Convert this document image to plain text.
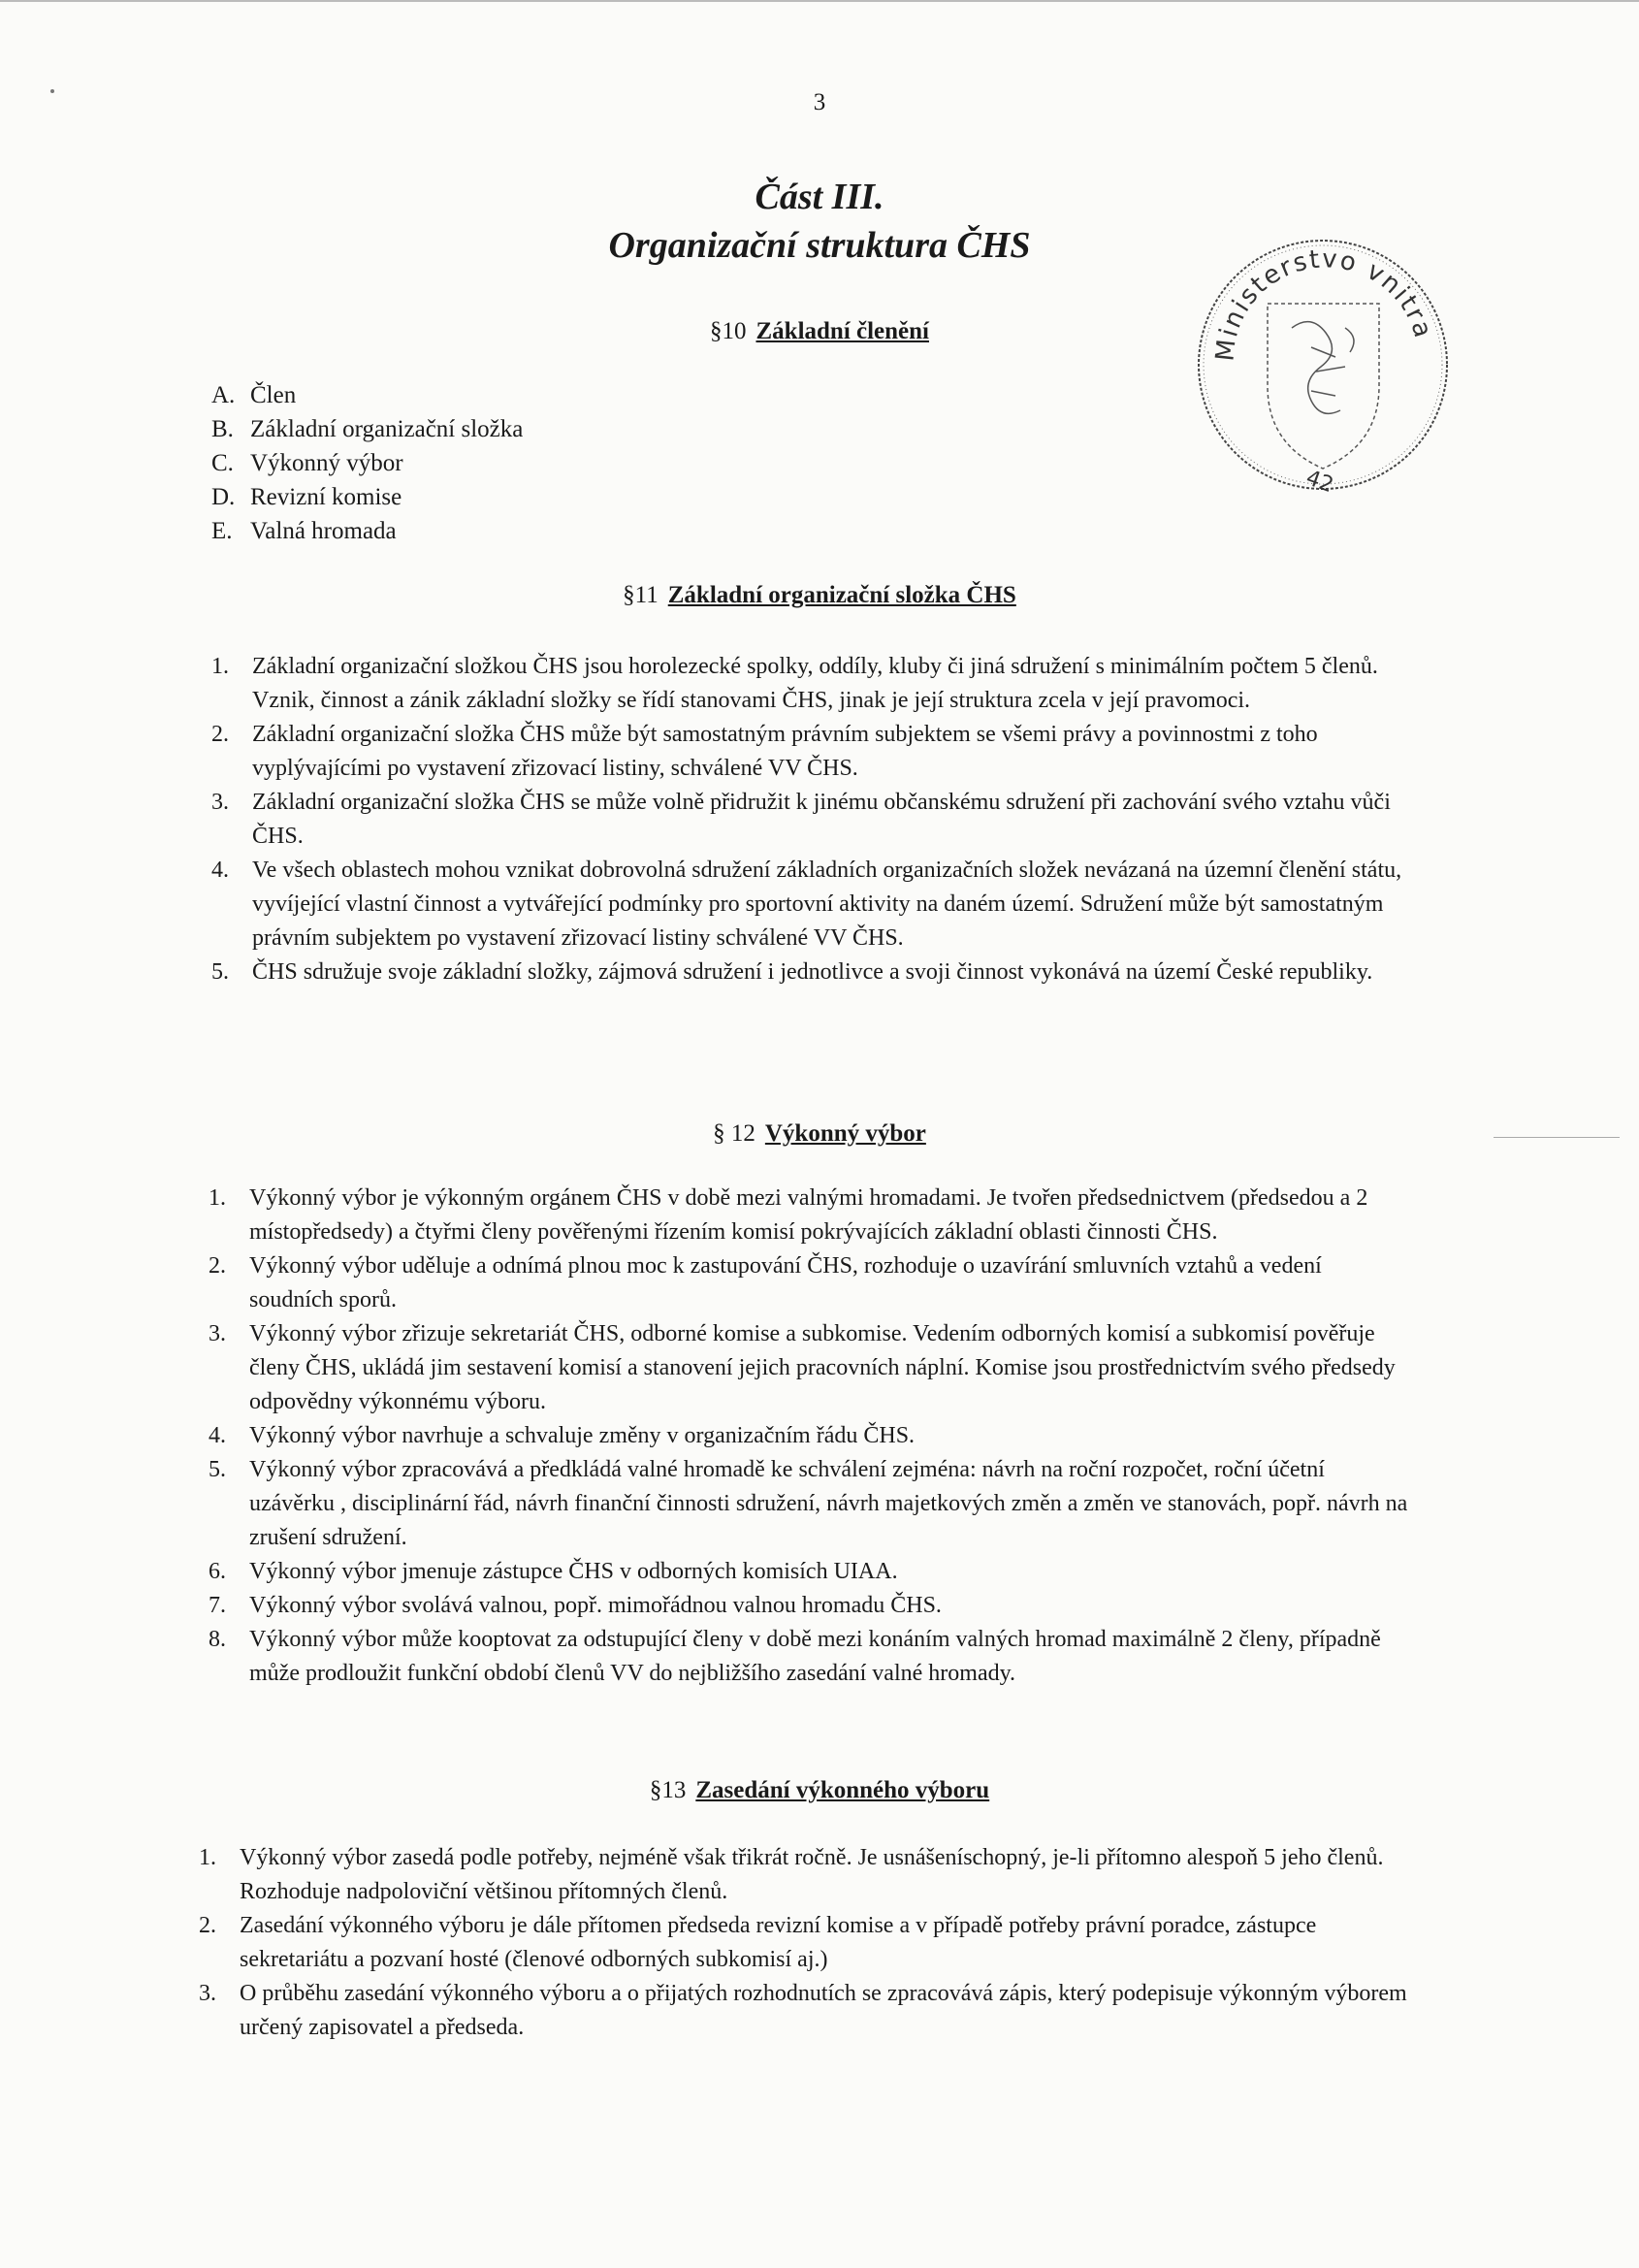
3
Část III.
Organizační struktura ČHS
Ministerstvo vnitra
42
§10 Základní členění
A. Člen
B. Základní organizační složka
C. Výkonný výbor
D. Revizní komise
E. Valná hromada
§11 Základní organizační složka ČHS
1. Základní organizační složkou ČHS jsou horolezecké spolky, oddíly, kluby či jiná sdružení s minimálním počtem 5 členů. Vznik, činnost a zánik základní složky se řídí stanovami ČHS, jinak je její struktura zcela v její pravomoci.
2. Základní organizační složka ČHS může být samostatným právním subjektem se všemi právy a povinnostmi z toho vyplývajícími po vystavení zřizovací listiny, schválené VV ČHS.
3. Základní organizační složka ČHS se může volně přidružit k jinému občanskému sdružení při zachování svého vztahu vůči ČHS.
4. Ve všech oblastech mohou vznikat dobrovolná sdružení základních organizačních složek nevázaná na územní členění státu, vyvíjející vlastní činnost a vytvářející podmínky pro sportovní aktivity na daném území. Sdružení může být samostatným právním subjektem po vystavení zřizovací listiny schválené VV ČHS.
5. ČHS sdružuje svoje základní složky, zájmová sdružení i jednotlivce a svoji činnost vykonává na území České republiky.
§ 12 Výkonný výbor
1. Výkonný výbor je výkonným orgánem ČHS v době mezi valnými hromadami. Je tvořen předsednictvem (předsedou a 2 místopředsedy) a čtyřmi členy pověřenými řízením komisí pokrývajících základní oblasti činnosti ČHS.
2. Výkonný výbor uděluje a odnímá plnou moc k zastupování ČHS, rozhoduje o uzavírání smluvních vztahů a vedení soudních sporů.
3. Výkonný výbor zřizuje sekretariát ČHS, odborné komise a subkomise. Vedením odborných komisí a subkomisí pověřuje členy ČHS, ukládá jim sestavení komisí a stanovení jejich pracovních náplní. Komise jsou prostřednictvím svého předsedy odpovědny výkonnému výboru.
4. Výkonný výbor navrhuje a schvaluje změny v organizačním řádu ČHS.
5. Výkonný výbor zpracovává a předkládá valné hromadě ke schválení zejména: návrh na roční rozpočet, roční účetní uzávěrku , disciplinární řád, návrh finanční činnosti sdružení, návrh majetkových změn a změn ve stanovách, popř. návrh na zrušení sdružení.
6. Výkonný výbor jmenuje zástupce ČHS v odborných komisích UIAA.
7. Výkonný výbor svolává valnou, popř. mimořádnou valnou hromadu ČHS.
8. Výkonný výbor může kooptovat za odstupující členy v době mezi konáním valných hromad maximálně 2 členy, případně může prodloužit funkční období členů VV do nejbližšího zasedání valné hromady.
§13 Zasedání výkonného výboru
1. Výkonný výbor zasedá podle potřeby, nejméně však třikrát ročně. Je usnášeníschopný, je-li přítomno alespoň 5 jeho členů. Rozhoduje nadpoloviční většinou přítomných členů.
2. Zasedání výkonného výboru je dále přítomen předseda revizní komise a v případě potřeby právní poradce, zástupce sekretariátu a pozvaní hosté (členové odborných subkomisí aj.)
3. O průběhu zasedání výkonného výboru a o přijatých rozhodnutích se zpracovává zápis, který podepisuje výkonným výborem určený zapisovatel a předseda.
